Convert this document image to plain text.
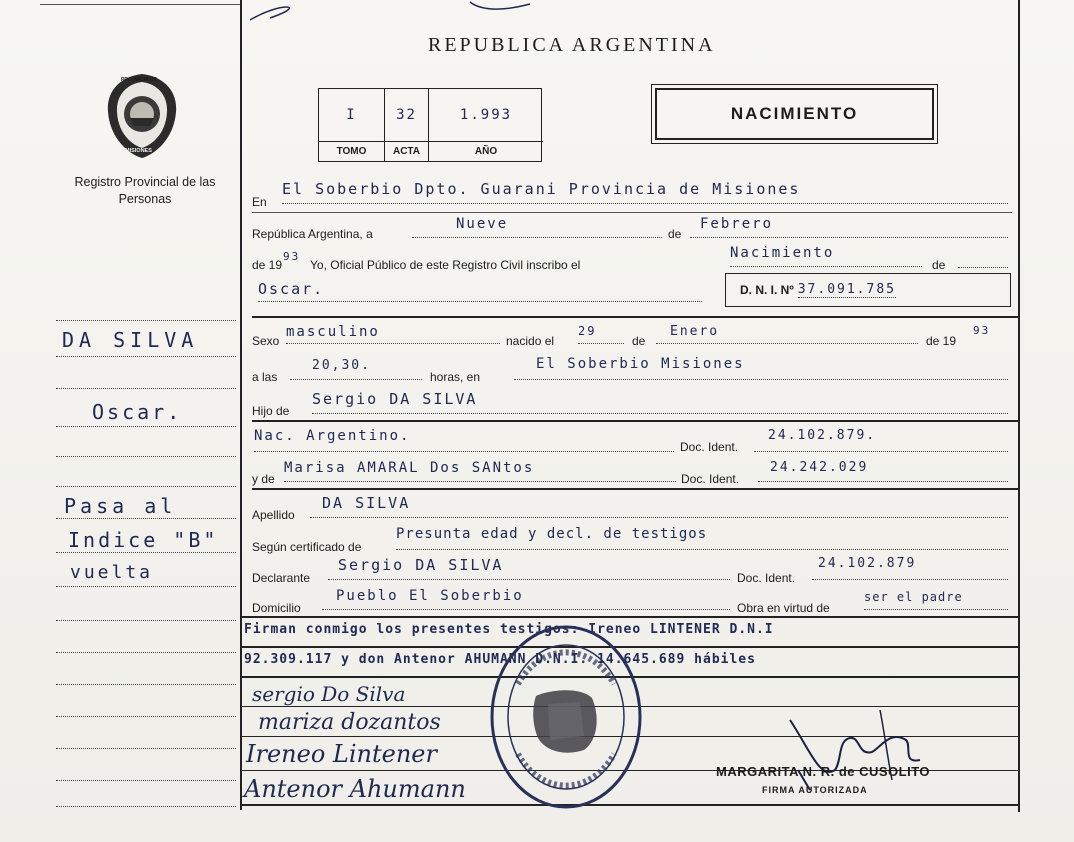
PROVINCIA DE
MISIONES
Registro Provincial de las Personas
REPUBLICA ARGENTINA
I	32	1.993
TOMO	ACTA	AÑO
NACIMIENTO
En
El Soberbio Dpto. Guarani Provincia de Misiones
República Argentina, a
Nueve
de
Febrero
de 19
93
Yo, Oficial Público de este Registro Civil inscribo el
Nacimiento
de
Oscar.	D. N. I. Nº 37.091.785
Sexo
masculino
nacido el
29
de
Enero
de 19
93
a las
20,30.
horas, en
El Soberbio Misiones
Hijo de
Sergio DA SILVA
Nac. Argentino.
Doc. Ident.
24.102.879.
y de
Marisa AMARAL Dos SANtos
Doc. Ident.
24.242.029
Apellido
DA SILVA
Según certificado de
Presunta edad y decl. de testigos
Declarante
Sergio DA SILVA
Doc. Ident.
24.102.879
Domicilio
Pueblo El Soberbio
Obra en virtud de
ser el padre
Firman conmigo los presentes testigos: Ireneo LINTENER D.N.I
92.309.117 y don Antenor AHUMANN D.N.I. 14.645.689 hábiles
sergio Do Silva
mariza dozantos
Ireneo Lintener
Antenor Ahumann
MARGARITA N. R. de CUSOLITO
FIRMA AUTORIZADA
DA SILVA
Oscar.
Pasa al
Indice "B"
vuelta
